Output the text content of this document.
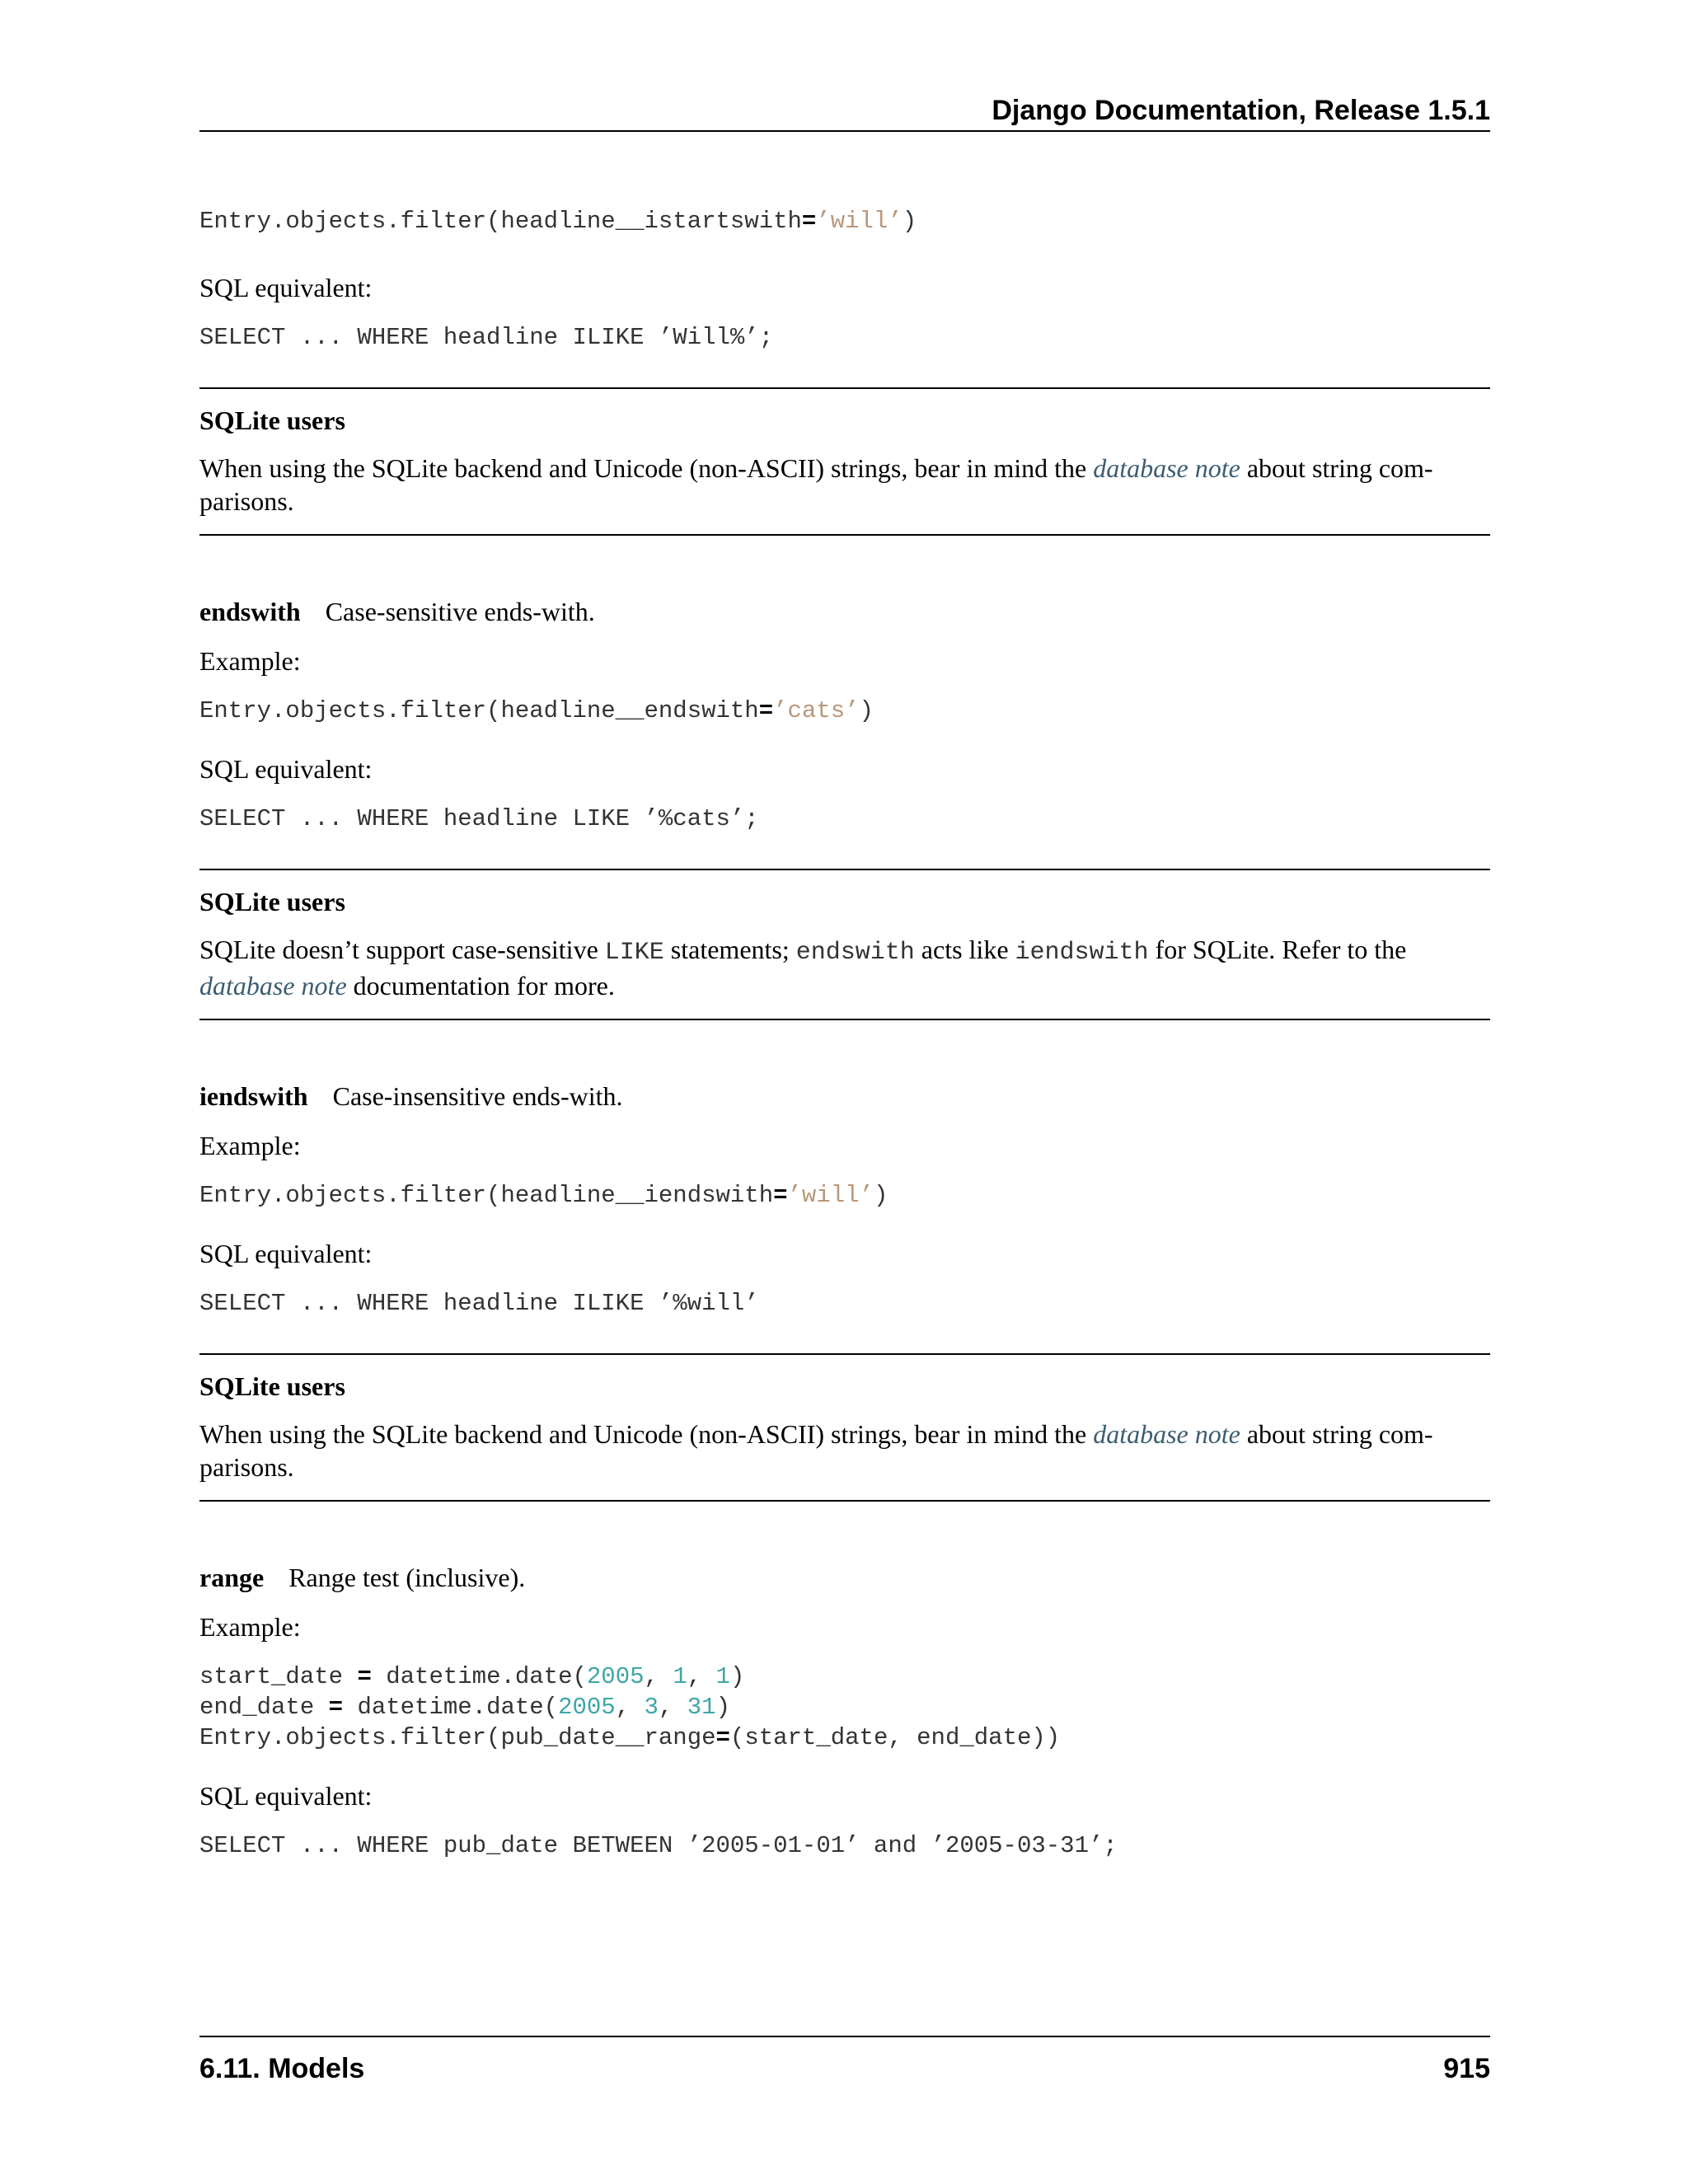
Django Documentation, Release 1.5.1
Entry.objects.filter(headline__istartswith=’will’)

SQL equivalent:

SELECT ... WHERE headline ILIKE ’Will%’;

SQLite users

When using the SQLite backend and Unicode (non-ASCII) strings, bear in mind the database note about string com-parisons.

endswith Case-sensitive ends-with.

Example:

Entry.objects.filter(headline__endswith=’cats’)

SQL equivalent:

SELECT ... WHERE headline LIKE ’%cats’;

SQLite users

SQLite doesn’t support case-sensitive LIKE statements; endswith acts like iendswith for SQLite. Refer to the database note documentation for more.

iendswith Case-insensitive ends-with.

Example:

Entry.objects.filter(headline__iendswith=’will’)

SQL equivalent:

SELECT ... WHERE headline ILIKE ’%will’

SQLite users

When using the SQLite backend and Unicode (non-ASCII) strings, bear in mind the database note about string com-parisons.

range Range test (inclusive).

Example:

start_date = datetime.date(2005, 1, 1)
end_date = datetime.date(2005, 3, 31)
Entry.objects.filter(pub_date__range=(start_date, end_date))

SQL equivalent:

SELECT ... WHERE pub_date BETWEEN ’2005-01-01’ and ’2005-03-31’;
6.11. Models	915
